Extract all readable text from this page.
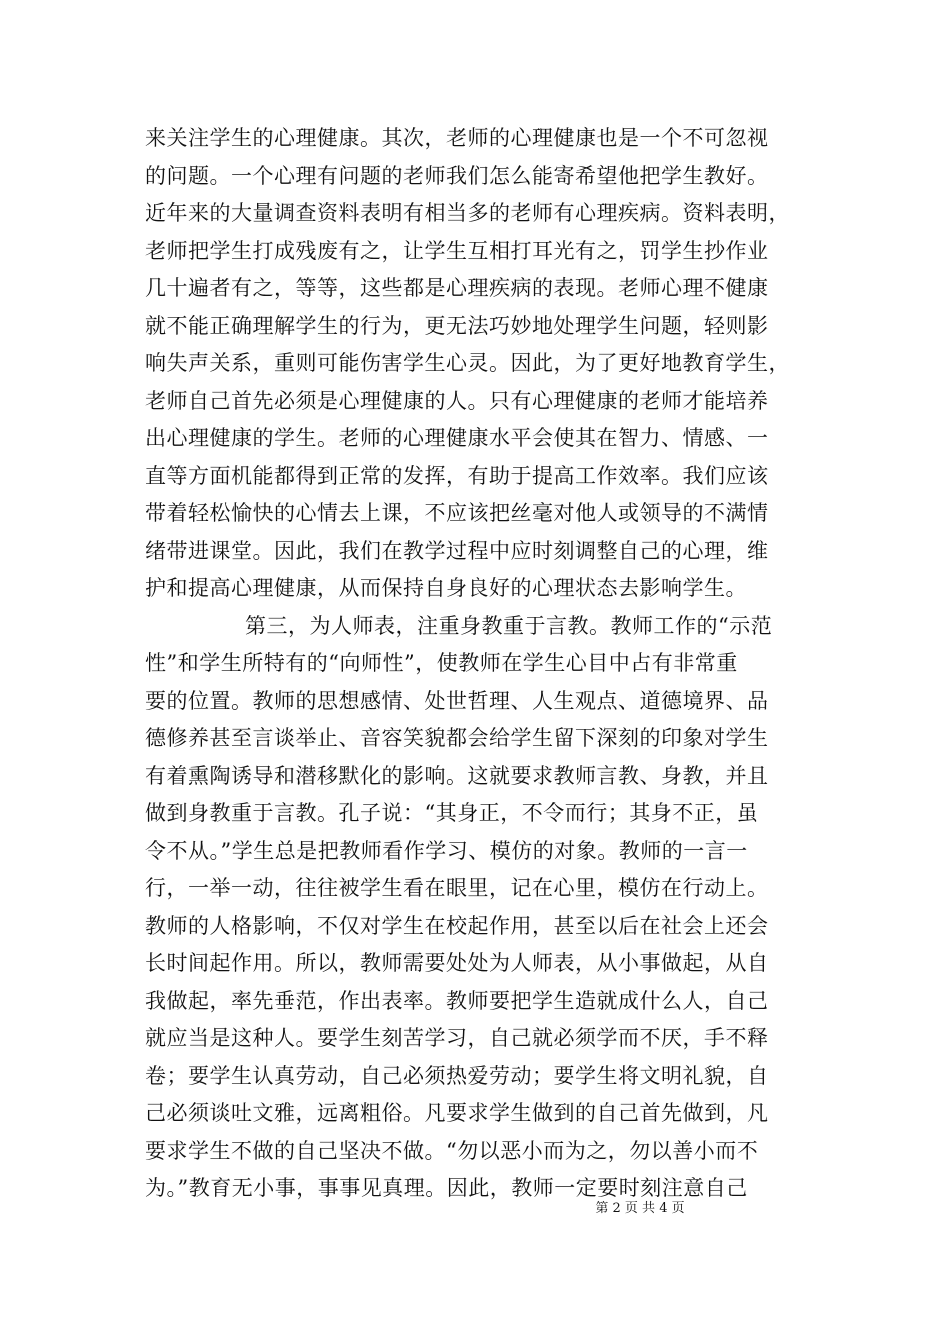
来关注学生的心理健康。其次，老师的心理健康也是一个不可忽视
的问题。一个心理有问题的老师我们怎么能寄希望他把学生教好。
近年来的大量调查资料表明有相当多的老师有心理疾病。资料表明，
老师把学生打成残废有之，让学生互相打耳光有之，罚学生抄作业
几十遍者有之，等等，这些都是心理疾病的表现。老师心理不健康
就不能正确理解学生的行为，更无法巧妙地处理学生问题，轻则影
响失声关系，重则可能伤害学生心灵。因此，为了更好地教育学生，
老师自己首先必须是心理健康的人。只有心理健康的老师才能培养
出心理健康的学生。老师的心理健康水平会使其在智力、情感、一
直等方面机能都得到正常的发挥，有助于提高工作效率。我们应该
带着轻松愉快的心情去上课，不应该把丝毫对他人或领导的不满情
绪带进课堂。因此，我们在教学过程中应时刻调整自己的心理，维
护和提高心理健康，从而保持自身良好的心理状态去影响学生。
第三，为人师表，注重身教重于言教。教师工作的“示范
性”和学生所特有的“向师性”，使教师在学生心目中占有非常重
要的位置。教师的思想感情、处世哲理、人生观点、道德境界、品
德修养甚至言谈举止、音容笑貌都会给学生留下深刻的印象对学生
有着熏陶诱导和潜移默化的影响。这就要求教师言教、身教，并且
做到身教重于言教。孔子说：“其身正，不令而行；其身不正，虽
令不从。”学生总是把教师看作学习、模仿的对象。教师的一言一
行，一举一动，往往被学生看在眼里，记在心里，模仿在行动上。
教师的人格影响，不仅对学生在校起作用，甚至以后在社会上还会
长时间起作用。所以，教师需要处处为人师表，从小事做起，从自
我做起，率先垂范，作出表率。教师要把学生造就成什么人，自己
就应当是这种人。要学生刻苦学习，自己就必须学而不厌，手不释
卷；要学生认真劳动，自己必须热爱劳动；要学生将文明礼貌，自
己必须谈吐文雅，远离粗俗。凡要求学生做到的自己首先做到，凡
要求学生不做的自己坚决不做。“勿以恶小而为之，勿以善小而不
为。”教育无小事，事事见真理。因此，教师一定要时刻注意自己
第 2 页 共 4 页
